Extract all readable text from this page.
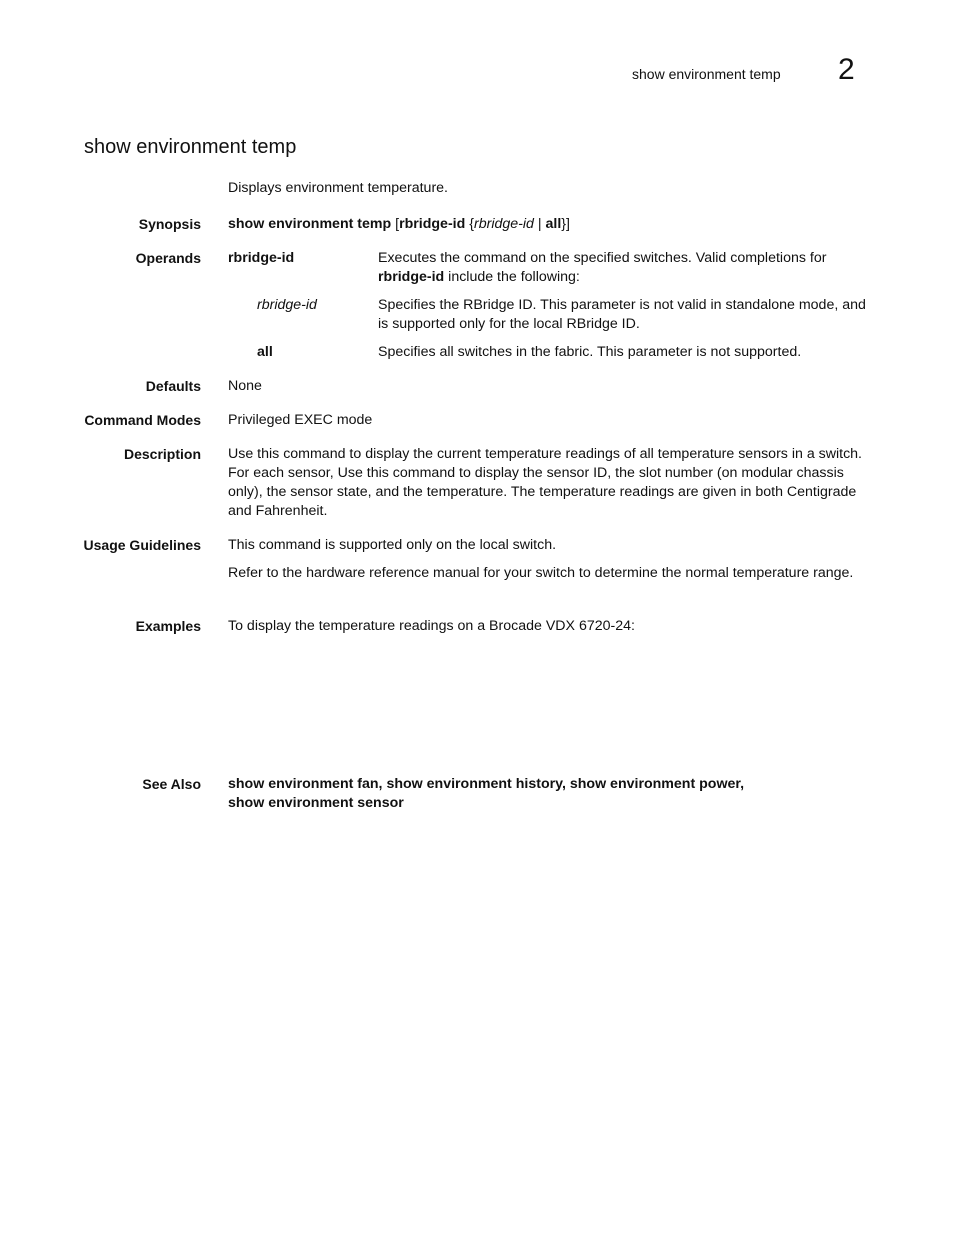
show environment temp 2
show environment temp
Displays environment temperature.
Synopsis show environment temp [rbridge-id {rbridge-id | all}]
Operands rbridge-id	Executes the command on the specified switches. Valid completions for rbridge-id include the following:
rbridge-id	Specifies the RBridge ID. This parameter is not valid in standalone mode, and is supported only for the local RBridge ID.
all	Specifies all switches in the fabric. This parameter is not supported.
Defaults None
Command Modes Privileged EXEC mode
Description Use this command to display the current temperature readings of all temperature sensors in a switch. For each sensor, Use this command to display the sensor ID, the slot number (on modular chassis only), the sensor state, and the temperature. The temperature readings are given in both Centigrade and Fahrenheit.
Usage Guidelines This command is supported only on the local switch.
Refer to the hardware reference manual for your switch to determine the normal temperature range.
Examples To display the temperature readings on a Brocade VDX 6720-24:
See Also show environment fan, show environment history, show environment power,
show environment sensor
